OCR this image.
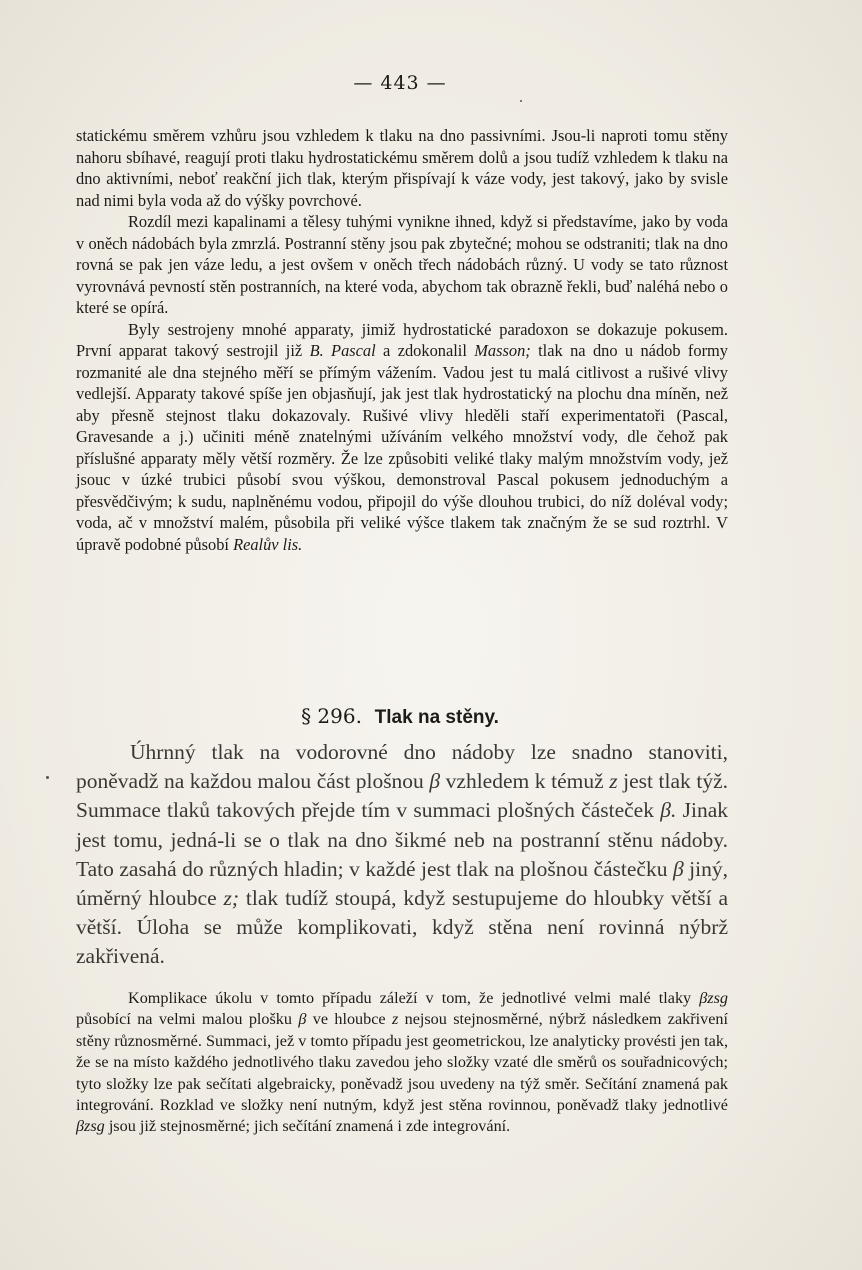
— 443 —

statickému směrem vzhůru jsou vzhledem k tlaku na dno passivními. Jsou-li naproti tomu stěny nahoru sbíhavé, reagují proti tlaku hydrostatickému směrem dolů a jsou tudíž vzhledem k tlaku na dno aktivními, neboť reakční jich tlak, kterým přispívají k váze vody, jest takový, jako by svisle nad nimi byla voda až do výšky povrchové.

Rozdíl mezi kapalinami a tělesy tuhými vynikne ihned, když si představíme, jako by voda v oněch nádobách byla zmrzlá. Postranní stěny jsou pak zbytečné; mohou se odstraniti; tlak na dno rovná se pak jen váze ledu, a jest ovšem v oněch třech nádobách různý. U vody se tato různost vyrovnává pevností stěn postranních, na které voda, abychom tak obrazně řekli, buď naléhá nebo o které se opírá.

Byly sestrojeny mnohé apparaty, jimiž hydrostatické paradoxon se dokazuje pokusem. První apparat takový sestrojil již B. Pascal a zdokonalil Masson; tlak na dno u nádob formy rozmanité ale dna stejného měří se přímým vážením. Vadou jest tu malá citlivost a rušivé vlivy vedlejší. Apparaty takové spíše jen objasňují, jak jest tlak hydrostatický na plochu dna míněn, než aby přesně stejnost tlaku dokazovaly. Rušivé vlivy hleděli staří experimentatoři (Pascal, Gravesande a j.) učiniti méně znatelnými užíváním velkého množství vody, dle čehož pak příslušné apparaty měly větší rozměry. Že lze způsobiti veliké tlaky malým množstvím vody, jež jsouc v úzké trubici působí svou výškou, demonstroval Pascal pokusem jednoduchým a přesvědčivým; k sudu, naplněnému vodou, připojil do výše dlouhou trubici, do níž doléval vody; voda, ač v množství malém, působila při veliké výšce tlakem tak značným že se sud roztrhl. V úpravě podobné působí Realův lis.

§ 296. Tlak na stěny.

Úhrnný tlak na vodorovné dno nádoby lze snadno stanoviti, poněvadž na každou malou část plošnou β vzhledem k témuž z jest tlak týž. Summace tlaků takových přejde tím v summaci plošných částeček β. Jinak jest tomu, jedná-li se o tlak na dno šikmé neb na postranní stěnu nádoby. Tato zasahá do různých hladin; v každé jest tlak na plošnou částečku β jiný, úměrný hloubce z; tlak tudíž stoupá, když sestupujeme do hloubky větší a větší. Úloha se může komplikovati, když stěna není rovinná nýbrž zakřivená.

Komplikace úkolu v tomto případu záleží v tom, že jednotlivé velmi malé tlaky βzsg působící na velmi malou plošku β ve hloubce z nejsou stejnosměrné, nýbrž následkem zakřivení stěny různosměrné. Summaci, jež v tomto případu jest geometrickou, lze analyticky provésti jen tak, že se na místo každého jednotlivého tlaku zavedou jeho složky vzaté dle směrů os souřadnicových; tyto složky lze pak sečítati algebraicky, poněvadž jsou uvedeny na týž směr. Sečítání znamená pak integrování. Rozklad ve složky není nutným, když jest stěna rovinnou, poněvadž tlaky jednotlivé βzsg jsou již stejnosměrné; jich sečítání znamená i zde integrování.
